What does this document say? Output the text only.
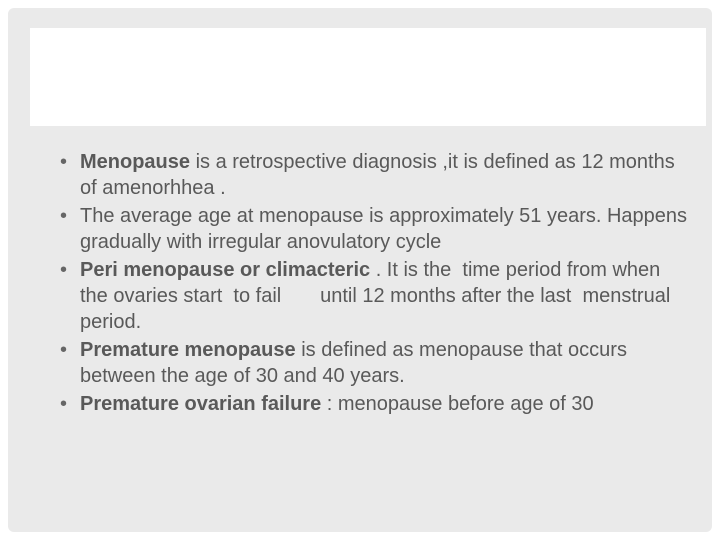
• Menopause is a retrospective diagnosis ,it is defined as 12 months of amenorhhea .
• The average age at menopause is approximately 51 years. Happens gradually with irregular anovulatory cycle
• Peri menopause or climacteric . It is the  time period from when the ovaries start  to fail       until 12 months after the last  menstrual period.
• Premature menopause is defined as menopause that occurs between the age of 30 and 40 years.
• Premature ovarian failure : menopause before age of 30
